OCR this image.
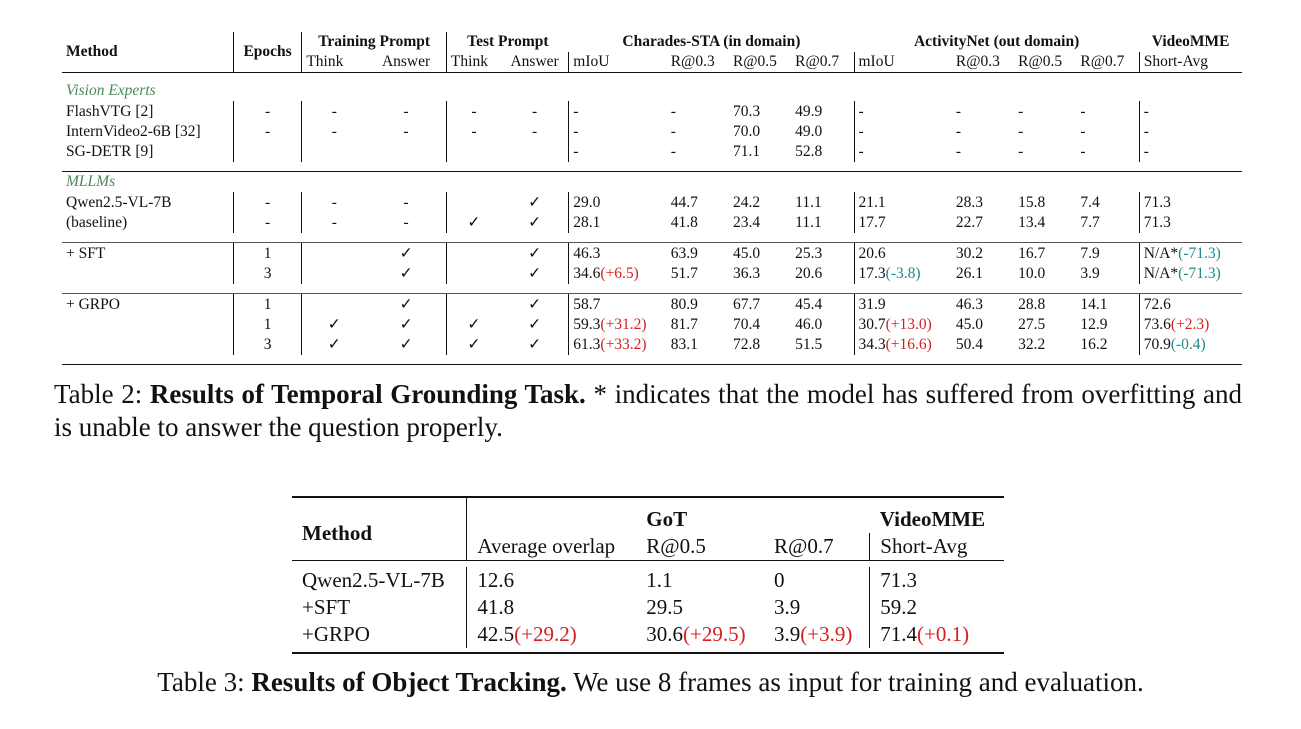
Method	Epochs	Training Prompt		Test Prompt		Charades-STA (in domain)				ActivityNet (out domain)				VideoMME
		Think	Answer	Think	Answer	mIoU	R@0.3	R@0.5	R@0.7	mIoU	R@0.3	R@0.5	R@0.7	Short-Avg

Vision Experts														
FlashVTG [2]	-	-	-	-	-	-	-	70.3	49.9	-	-	-	-	-
InternVideo2-6B [32]	-	-	-	-	-	-	-	70.0	49.0	-	-	-	-	-
SG-DETR [9]						-	-	71.1	52.8	-	-	-	-	-

MLLMs														
Qwen2.5-VL-7B	-	-	-		✓	29.0	44.7	24.2	11.1	21.1	28.3	15.8	7.4	71.3
(baseline)	-	-	-	✓	✓	28.1	41.8	23.4	11.1	17.7	22.7	13.4	7.7	71.3

+ SFT	1		✓		✓	46.3	63.9	45.0	25.3	20.6	30.2	16.7	7.9	N/A*(-71.3)
	3		✓		✓	34.6(+6.5)	51.7	36.3	20.6	17.3(-3.8)	26.1	10.0	3.9	N/A*(-71.3)

+ GRPO	1		✓		✓	58.7	80.9	67.7	45.4	31.9	46.3	28.8	14.1	72.6
	1	✓	✓	✓	✓	59.3(+31.2)	81.7	70.4	46.0	30.7(+13.0)	45.0	27.5	12.9	73.6(+2.3)
	3	✓	✓	✓	✓	61.3(+33.2)	83.1	72.8	51.5	34.3(+16.6)	50.4	32.2	16.2	70.9(-0.4)

Table 2: Results of Temporal Grounding Task. * indicates that the model has suffered from overfitting and is unable to answer the question properly.
Method		GoT		VideoMME
	Average overlap	R@0.5	R@0.7	Short-Avg

Qwen2.5-VL-7B	12.6	1.1	0	71.3
+SFT	41.8	29.5	3.9	59.2
+GRPO	42.5(+29.2)	30.6(+29.5)	3.9(+3.9)	71.4(+0.1)

Table 3: Results of Object Tracking. We use 8 frames as input for training and evaluation.
